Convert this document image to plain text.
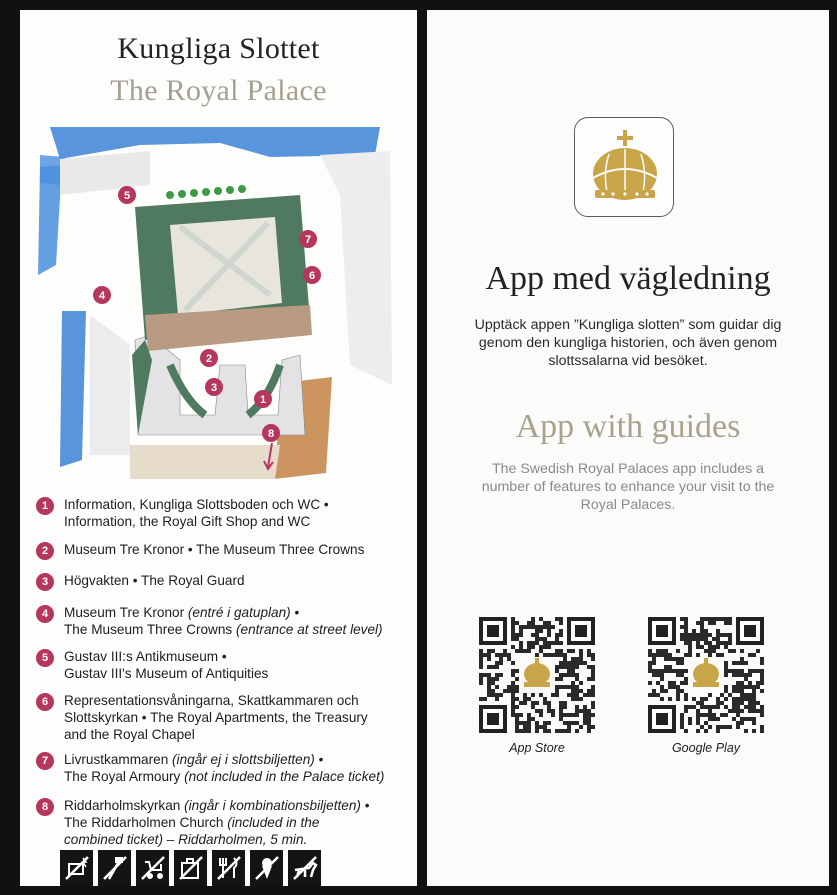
Kungliga Slottet
The Royal Palace
5
7
6
4
2
3
1
8
1	Information, Kungliga Slottsboden och WC •
Information, the Royal Gift Shop and WC
2	Museum Tre Kronor • The Museum Three Crowns
3	Högvakten • The Royal Guard
4	Museum Tre Kronor (entré i gatuplan) •
The Museum Three Crowns (entrance at street level)
5	Gustav III:s Antikmuseum •
Gustav III's Museum of Antiquities
6	Representationsvåningarna, Skattkammaren och
Slottskyrkan • The Royal Apartments, the Treasury
and the Royal Chapel
7	Livrustkammaren (ingår ej i slottsbiljetten) •
The Royal Armoury (not included in the Palace ticket)
8	Riddarholmskyrkan (ingår i kombinationsbiljetten) •
The Riddarholmen Church (included in the
combined ticket) – Riddarholmen, 5 min.
App med vägledning
Upptäck appen ”Kungliga slotten” som guidar dig genom den kungliga historien, och även genom slottssalarna vid besöket.
App with guides
The Swedish Royal Palaces app includes a number of features to enhance your visit to the Royal Palaces.
App Store	Google Play
